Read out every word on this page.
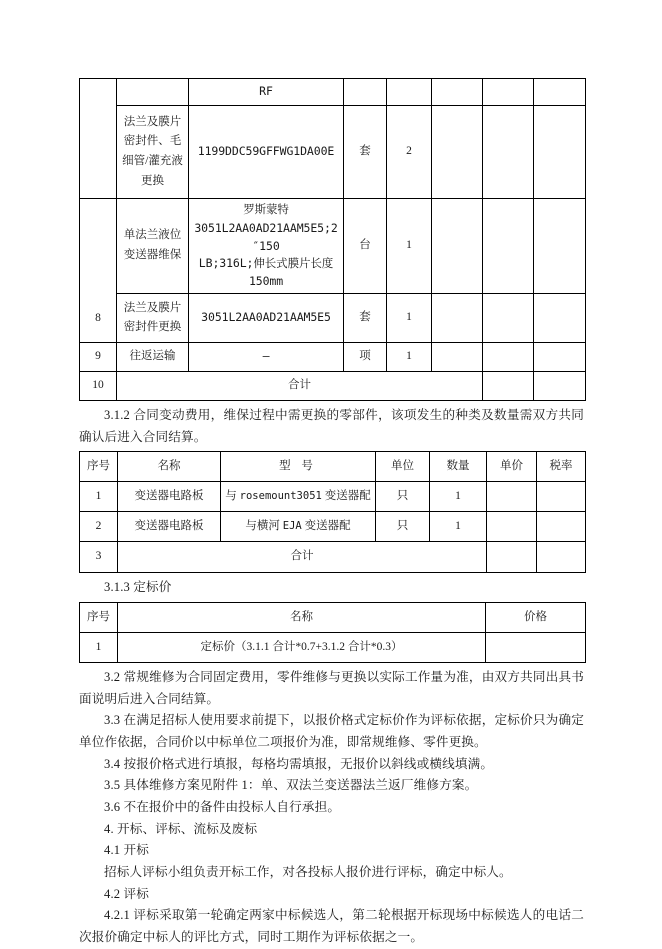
		RF					
	法兰及膜片密封件、毛细管/灌充液更换	1199DDC59GFFWG1DA00E	套	2			
8	单法兰液位变送器维保	罗斯蒙特
3051L2AA0AD21AAM5E5;2″150
LB;316L;伸长式膜片长度
150mm	台	1			
	法兰及膜片密封件更换	3051L2AA0AD21AAM5E5	套	1			
9	往返运输	–	项	1			
10	合计						

3.1.2 合同变动费用，维保过程中需更换的零部件，该项发生的种类及数量需双方共同确认后进入合同结算。

序号	名称	型 号	单位	数量	单价	税率
1	变送器电路板	与 rosemount3051 变送器配	只	1		
2	变送器电路板	与横河 EJA 变送器配	只	1		
3	合计					

3.1.3 定标价

序号	名称	价格
1	定标价（3.1.1 合计*0.7+3.1.2 合计*0.3）	

3.2 常规维修为合同固定费用，零件维修与更换以实际工作量为准，由双方共同出具书面说明后进入合同结算。

3.3 在满足招标人使用要求前提下，以报价格式定标价作为评标依据，定标价只为确定单位作依据，合同价以中标单位二项报价为准，即常规维修、零件更换。

3.4 按报价格式进行填报，每格均需填报，无报价以斜线或横线填满。

3.5 具体维修方案见附件 1：单、双法兰变送器法兰返厂维修方案。

3.6 不在报价中的备件由投标人自行承担。

4. 开标、评标、流标及废标

4.1 开标

招标人评标小组负责开标工作，对各投标人报价进行评标，确定中标人。

4.2 评标

4.2.1 评标采取第一轮确定两家中标候选人，第二轮根据开标现场中标候选人的电话二次报价确定中标人的评比方式，同时工期作为评标依据之一。
